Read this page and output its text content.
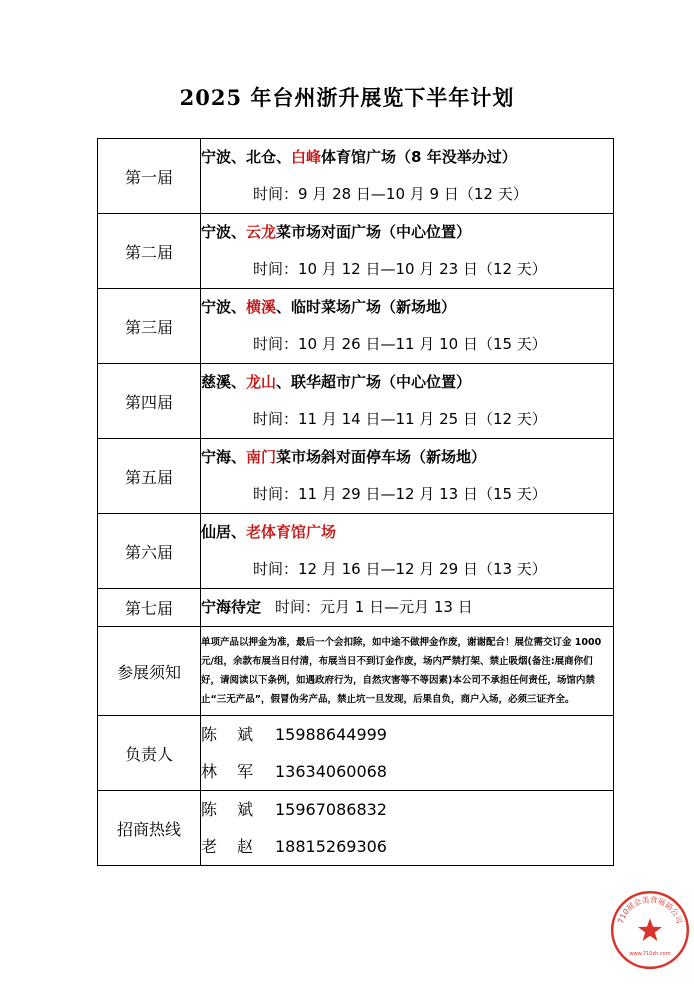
2025 年台州浙升展览下半年计划
第一届	宁波、北仓、白峰体育馆广场（8 年没举办过）
时间：9 月 28 日—10 月 9 日（12 天）

第二届	宁波、云龙菜市场对面广场（中心位置）
时间：10 月 12 日—10 月 23 日（12 天）

第三届	宁波、横溪、临时菜场广场（新场地）
时间：10 月 26 日—11 月 10 日（15 天）

第四届	慈溪、龙山、联华超市广场（中心位置）
时间：11 月 14 日—11 月 25 日（12 天）

第五届	宁海、南门菜市场斜对面停车场（新场地）
时间：11 月 29 日—12 月 13 日（15 天）

第六届	仙居、老体育馆广场
时间：12 月 16 日—12 月 29 日（13 天）

第七届	宁海待定 时间：元月 1 日—元月 13 日

参展须知	单项产品以押金为准，最后一个会扣除，如中途不做押金作废，谢谢配合！展位需交订金 1000 元/组，余款布展当日付清，布展当日不到订金作废，场内严禁打架、禁止吸烟(备注:展商你们好，请阅读以下条例，如遇政府行为，自然灾害等不等因素)本公司不承担任何责任，场馆内禁止“三无产品”，假冒伪劣产品，禁止坑一旦发现，后果自负，商户入场，必须三证齐全。

负责人	陈斌 15988644999
林军 13634060068

招商热线	陈斌 15967086832
老赵 18815269306
710展会美食展销公司
www.710zh.com
